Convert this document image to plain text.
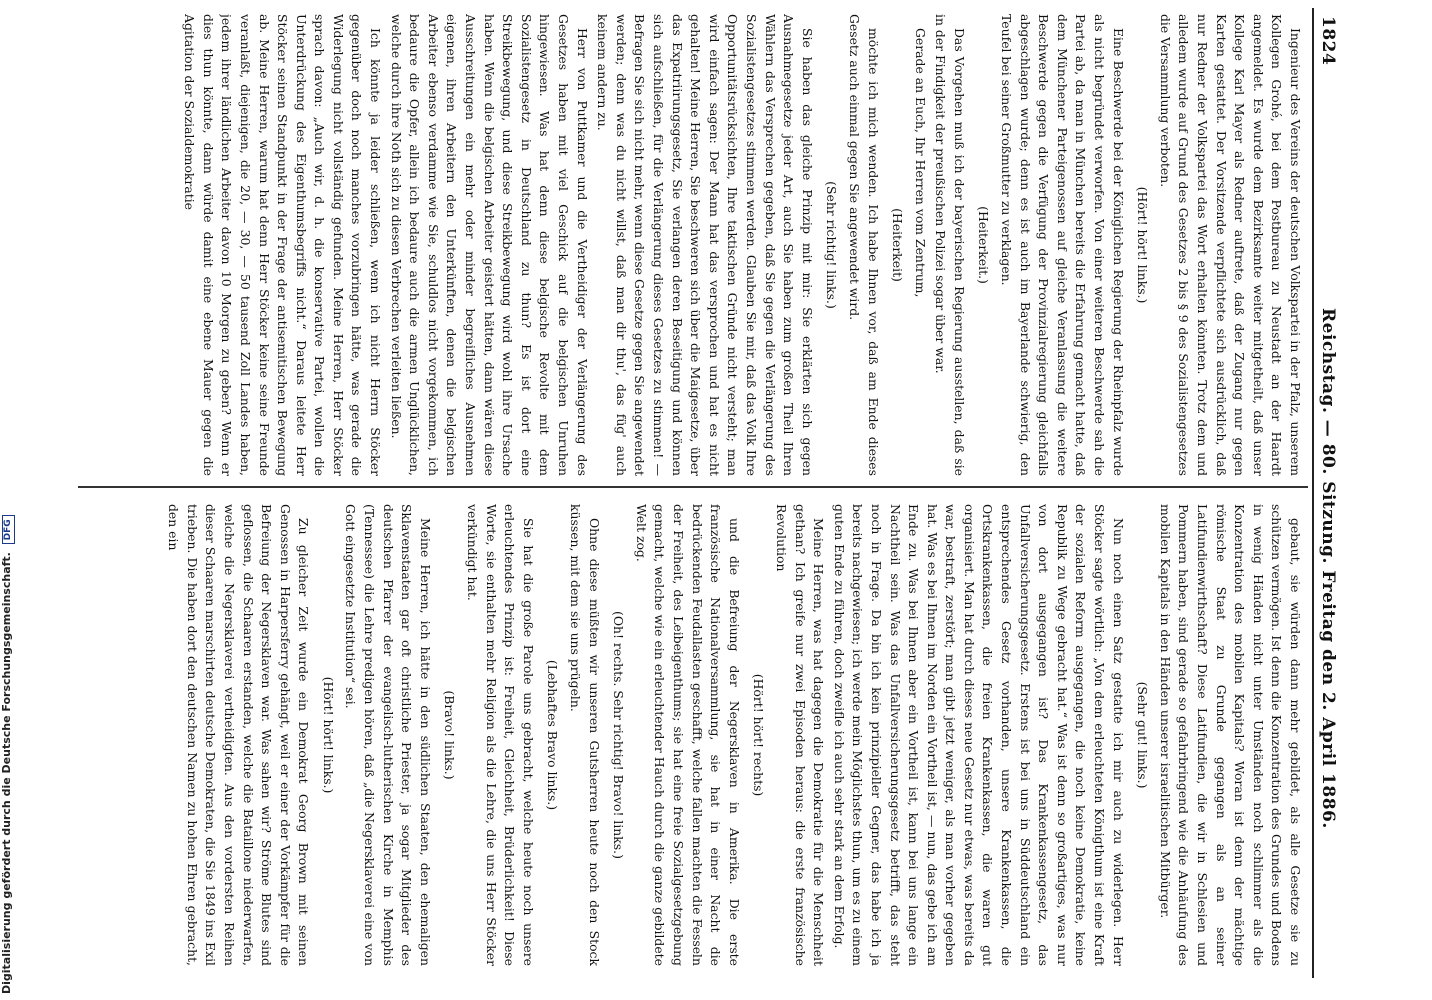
1824
Reichstag. — 80. Sitzung. Freitag den 2. April 1886.

Ingenieur des Vereins der deutschen Volkspartei in der Pfalz, unserem Kollegen Grohé, bei dem Postbureau zu Neustadt an der Haardt angemeldet. Es wurde dem Bezirksamte weiter mitgetheilt, daß unser Kollege Karl Mayer als Redner auftrete, daß der Zugang nur gegen Karten gestattet. Der Vorsitzende verpflichtete sich ausdrücklich, daß nur Redner der Volkspartei das Wort erhalten könnten. Trotz dem und alledem wurde auf Grund des Gesetzes 2 bis § 9 des Sozialistengesetzes die Versammlung verboten.

(Hört! hört! links.)

Eine Beschwerde bei der Königlichen Regierung der Rheinpfalz wurde als nicht begründet verworfen. Von einer weiteren Beschwerde sah die Partei ab, da man in München bereits die Erfahrung gemacht hatte, daß dem Münchener Parteigenossen auf gleiche Veranlassung die weitere Beschwerde gegen die Verfügung der Provinzialregierung gleichfalls abgeschlagen wurde; denn es ist auch im Bayerlande schwierig, den Teufel bei seiner Großmutter zu verklagen.

(Heiterkeit.)

Das Vorgehen muß ich der bayerischen Regierung ausstellen, daß sie in der Findigkeit der preußischen Polizei sogar über war.

Gerade an Euch, Ihr Herren vom Zentrum,

(Heiterkeit)

möchte ich mich wenden. Ich habe Ihnen vor, daß am Ende dieses Gesetz auch einmal gegen Sie angewendet wird.

(Sehr richtig! links.)

Sie haben das gleiche Prinzip mit mir: Sie erklärten sich gegen Ausnahmegesetze jeder Art, auch Sie haben zum großen Theil Ihren Wählern das Versprechen gegeben, daß Sie gegen die Verlängerung des Sozialistengesetzes stimmen werden. Glauben Sie mir, daß das Volk Ihre Opportunitätsrücksichten, Ihre taktischen Gründe nicht versteht; man wird einfach sagen: Der Mann hat das versprochen und hat es nicht gehalten! Meine Herren, Sie beschweren sich über die Maigesetze, über das Expatriirungsgesetz, Sie verlangen deren Beseitigung und können sich aufschließen, für die Verlängerung dieses Gesetzes zu stimmen! — Befragen Sie sich nicht mehr, wenn diese Gesetze gegen Sie angewendet werden; denn was du nicht willst, daß man dir thu', das füg' auch keinem andern zu.

Herr von Puttkamer und die Vertheidiger der Verlängerung des Gesetzes haben mit viel Geschick auf die belgischen Unruhen hingewiesen. Was hat denn diese belgische Revolte mit dem Sozialistengesetz in Deutschland zu thun? Es ist dort eine Streikbewegung, und diese Streikbewegung wird wohl ihre Ursache haben. Wenn die belgischen Arbeiter geistert hätten, dann wären diese Ausschreitungen ein mehr oder minder begreifliches Ausnehmen eigenen, ihren Arbeitern den Unterkünften, denen die belgischen Arbeiter ebenso verdamme wie Sie, schuldlos nicht vorgekommen, ich bedaure die Opfer, allein ich bedaure auch die armen Unglücklichen, welche durch ihre Noth sich zu diesen Verbrechen verleiten ließen.

Ich könnte ja leider schließen, wenn ich nicht Herrn Stöcker gegenüber doch noch manches vorzubringen hätte, was gerade die Widerlegung nicht vollständig gefunden. Meine Herren, Herr Stöcker sprach davon: „Auch wir, d. h. die konservative Partei, wollen die Unterdrückung des Eigenthumsbegriffs nicht.“ Daraus leitete Herr Stöcker seinen Standpunkt in der Frage der antisemitischen Bewegung ab. Meine Herren, warum hat denn Herr Stöcker keine seine Freunde veranlaßt, diejenigen, die 20, — 30, — 50 tausend Zoll Landes haben, jedem ihrer ländlichen Arbeiter davon 10 Morgen zu geben? Wenn er dies thun könnte, dann würde damit eine ebene Mauer gegen die Agitation der Sozialdemokratie

gebaut, sie würden dann mehr gebildet, als alle Gesetze sie zu schützen vermögen. Ist denn die Konzentration des Grundes und Bodens in wenig Händen nicht unter Umständen noch schlimmer als die Konzentration des mobilen Kapitals? Woran ist denn der mächtige römische Staat zu Grunde gegangen als an seiner Latifundienwirthschaft? Diese Latifundien, die wir in Schlesien und Pommern haben, sind gerade so gefahrbringend wie die Anhäufung des mobilen Kapitals in den Händen unserer israelitischen Mitbürger.

(Sehr gut! links.)

Nun noch einen Satz gestatte ich mir auch zu widerlegen. Herr Stöcker sagte wörtlich: „Von dem erleuchteten Königthum ist eine Kraft der sozialen Reform ausgegangen, die noch keine Demokratie, keine Republik zu Wege gebracht hat.“ Was ist denn so großartiges, was nur von dort ausgegangen ist? Das Krankenkassengesetz, das Unfallversicherungsgesetz. Erstens ist bei uns in Süddeutschland ein entsprechendes Gesetz vorhanden, unsere Krankenkassen, die Ortskrankenkassen, die freien Krankenkassen, die waren gut organisiert. Man hat durch dieses neue Gesetz nur etwas, was bereits da war, bestraft, zerstört; man gibt jetzt weniger, als man vorher gegeben hat. Was es bei Ihnen im Norden ein Vortheil ist, — nun, das gebe ich am Ende zu. Was bei Ihnen aber ein Vortheil ist, kann bei uns lange ein Nachtheil sein. Was das Unfallversicherungsgesetz betrifft, das steht noch in Frage. Da bin ich kein prinzipieller Gegner, das habe ich ja bereits nachgewiesen; ich werde mein Möglichstes thun, um es zu einem guten Ende zu führen, doch zweifle ich auch sehr stark an dem Erfolg.

Meine Herren, was hat dagegen die Demokratie für die Menschheit gethan? Ich greife nur zwei Episoden heraus: die erste französische Revolution

(Hört! hört! rechts)

und die Befreiung der Negersklaven in Amerika. Die erste französische Nationalversammlung, sie hat in einer Nacht die bedrückenden Feudallasten geschafft, welche fallen machten die Fesseln der Freiheit, des Leibeigenthums; sie hat eine freie Sozialgesetzgebung gemacht, welche wie ein erleuchtender Hauch durch die ganze gebildete Welt zog.

(Oh! rechts. Sehr richtig! Bravo! links.)

Ohne diese müßten wir unseren Gutsherren heute noch den Stock küssen, mit dem sie uns prügeln.

(Lebhaftes Bravo links.)

Sie hat die große Parole uns gebracht, welche heute noch unsere erleuchtendes Prinzip ist: Freiheit, Gleichheit, Brüderlichkeit! Diese Worte, sie enthalten mehr Religion als die Lehre, die uns Herr Stöcker verkündigt hat.

(Bravo! links.)

Meine Herren, ich hätte in den südlichen Staaten, den ehemaligen Sklavenstaaten gar oft christliche Priester, ja sogar Mitglieder des deutschen Pfarrer der evangelisch-lutherischen Kirche in Memphis (Tennessee) die Lehre predigen hören, daß „die Negersklaverei eine von Gott eingesetzte Institution“ sei.

(Hört! hört! links.)

Zu gleicher Zeit wurde ein Demokrat Georg Brown mit seinen Genossen in Harpersferry gehängt, weil er einer der Vorkämpfer für die Befreiung der Negersklaven war. Was sahen wir? Ströme Blutes sind geflossen, die Schaaren erstanden, welche die Bataillone niederwarfen, welche die Negersklaverei vertheidigten. Aus den vordersten Reihen dieser Schaaren marschirten deutsche Demokraten, die Sie 1849 ins Exil trieben. Die haben dort den deutschen Namen zu hohen Ehren gebracht, den ein

Digitalisierung gefördert durch die Deutsche Forschungsgemeinschaft. DFG
